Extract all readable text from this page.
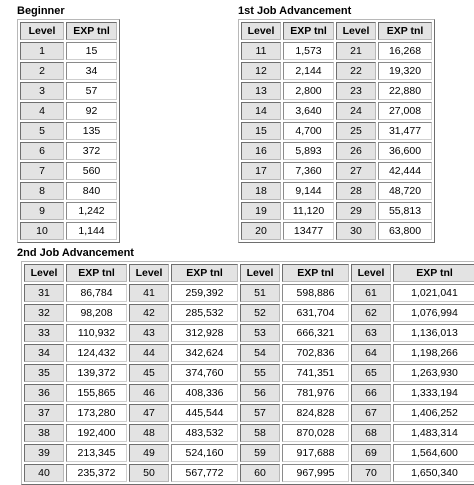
Beginner
Level	EXP tnl
1	15
2	34
3	57
4	92
5	135
6	372
7	560
8	840
9	1,242
10	1,144
1st Job Advancement
Level	EXP tnl	Level	EXP tnl
11	1,573	21	16,268
12	2,144	22	19,320
13	2,800	23	22,880
14	3,640	24	27,008
15	4,700	25	31,477
16	5,893	26	36,600
17	7,360	27	42,444
18	9,144	28	48,720
19	11,120	29	55,813
20	13477	30	63,800
2nd Job Advancement
Level	EXP tnl	Level	EXP tnl	Level	EXP tnl	Level	EXP tnl
31	86,784	41	259,392	51	598,886	61	1,021,041
32	98,208	42	285,532	52	631,704	62	1,076,994
33	110,932	43	312,928	53	666,321	63	1,136,013
34	124,432	44	342,624	54	702,836	64	1,198,266
35	139,372	45	374,760	55	741,351	65	1,263,930
36	155,865	46	408,336	56	781,976	66	1,333,194
37	173,280	47	445,544	57	824,828	67	1,406,252
38	192,400	48	483,532	58	870,028	68	1,483,314
39	213,345	49	524,160	59	917,688	69	1,564,600
40	235,372	50	567,772	60	967,995	70	1,650,340
